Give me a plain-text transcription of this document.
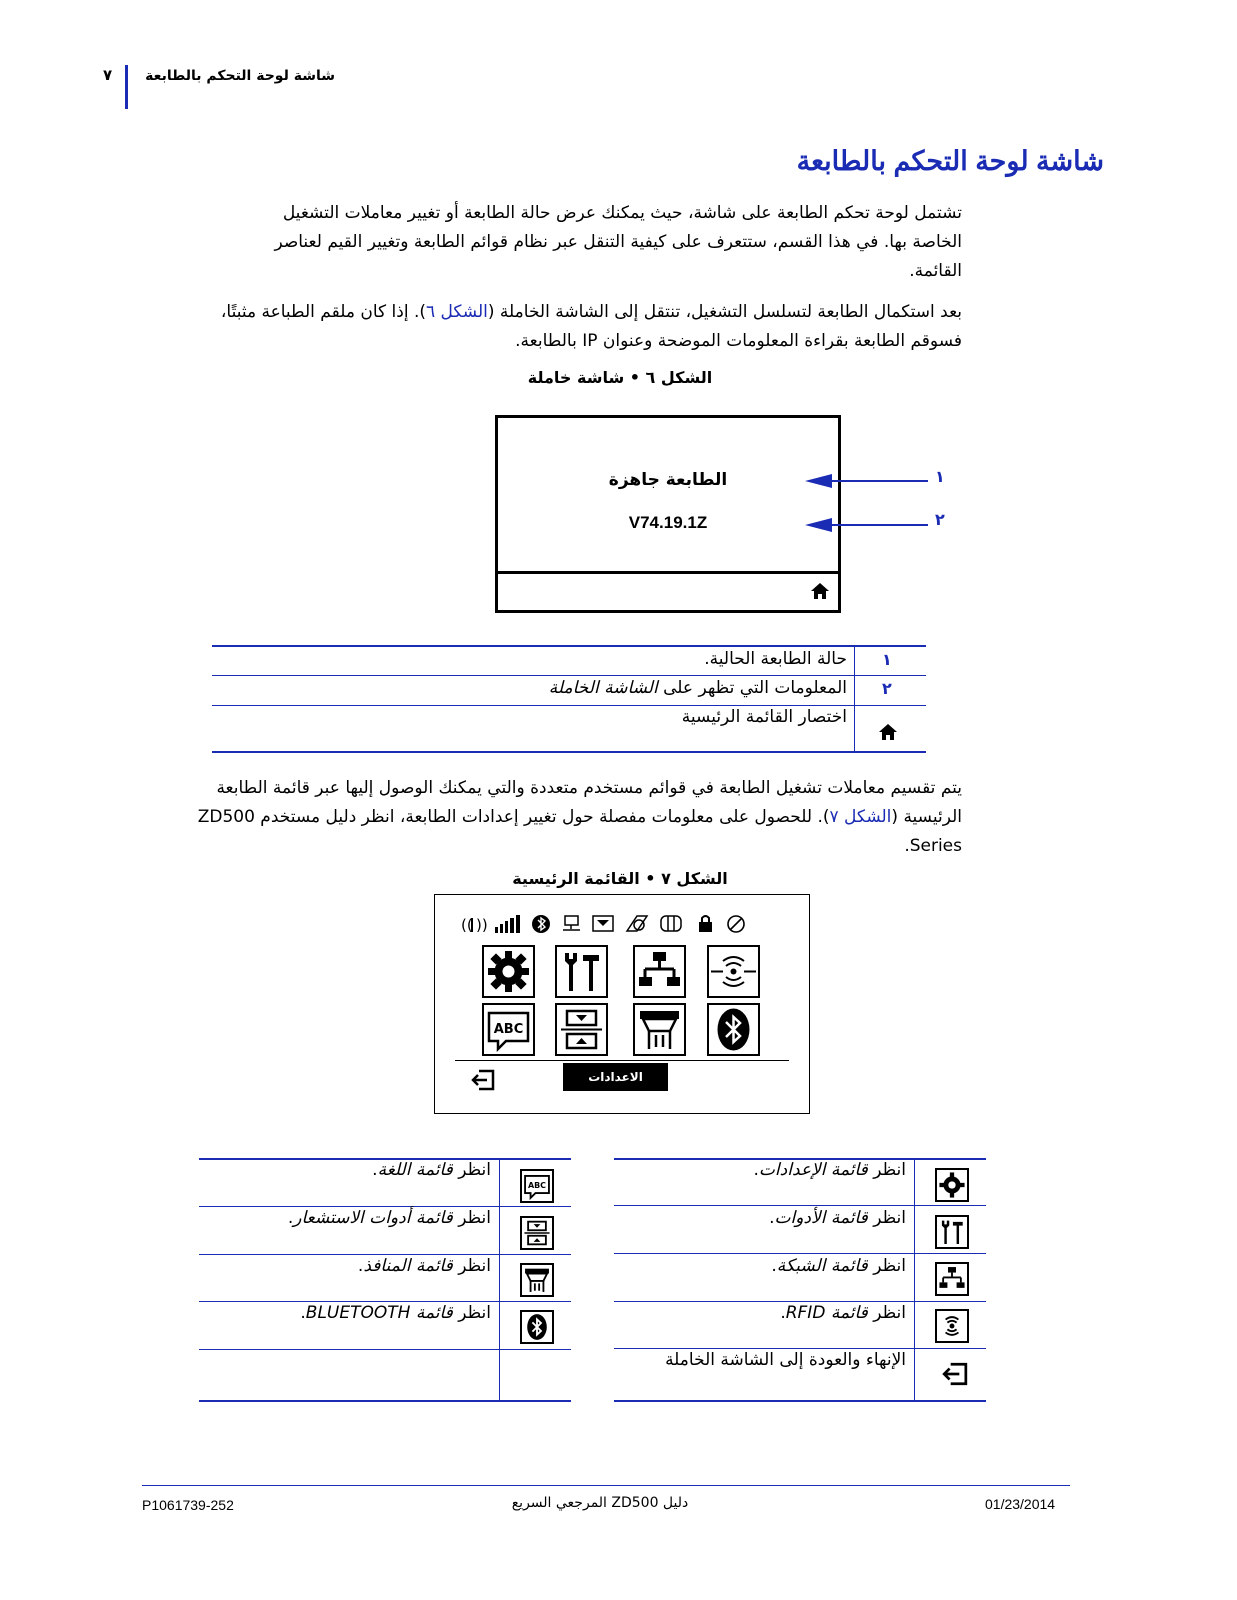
٧ شاشة لوحة التحكم بالطابعة
شاشة لوحة التحكم بالطابعة

تشتمل لوحة تحكم الطابعة على شاشة، حيث يمكنك عرض حالة الطابعة أو تغيير معاملات التشغيل الخاصة بها. في هذا القسم، ستتعرف على كيفية التنقل عبر نظام قوائم الطابعة وتغيير القيم لعناصر القائمة.

بعد استكمال الطابعة لتسلسل التشغيل، تنتقل إلى الشاشة الخاملة (الشكل ٦). إذا كان ملقم الطباعة مثبتًا، فسوقم الطابعة بقراءة المعلومات الموضحة وعنوان IP بالطابعة.

الشكل ٦ • شاشة خاملة
الطابعة جاهزة
V74.19.1Z
١
٢
١
حالة الطابعة الحالية.
٢
المعلومات التي تظهر على الشاشة الخاملة
اختصار القائمة الرئيسية

يتم تقسيم معاملات تشغيل الطابعة في قوائم مستخدم متعددة والتي يمكنك الوصول إليها عبر قائمة الطابعة الرئيسية (الشكل ٧). للحصول على معلومات مفصلة حول تغيير إعدادات الطابعة، انظر دليل مستخدم ZD500 Series.

الشكل ٧ • القائمة الرئيسية
(( ))
ABC
الاعدادات
انظر قائمة الإعدادات.
انظر قائمة الأدوات.
انظر قائمة الشبكة.
انظر قائمة RFID.
الإنهاء والعودة إلى الشاشة الخاملة
ABC
انظر قائمة اللغة.
انظر قائمة أدوات الاستشعار.
انظر قائمة المنافذ.
انظر قائمة BLUETOOTH.
P1061739-252	دليل ZD500 المرجعي السريع	01/23/2014
